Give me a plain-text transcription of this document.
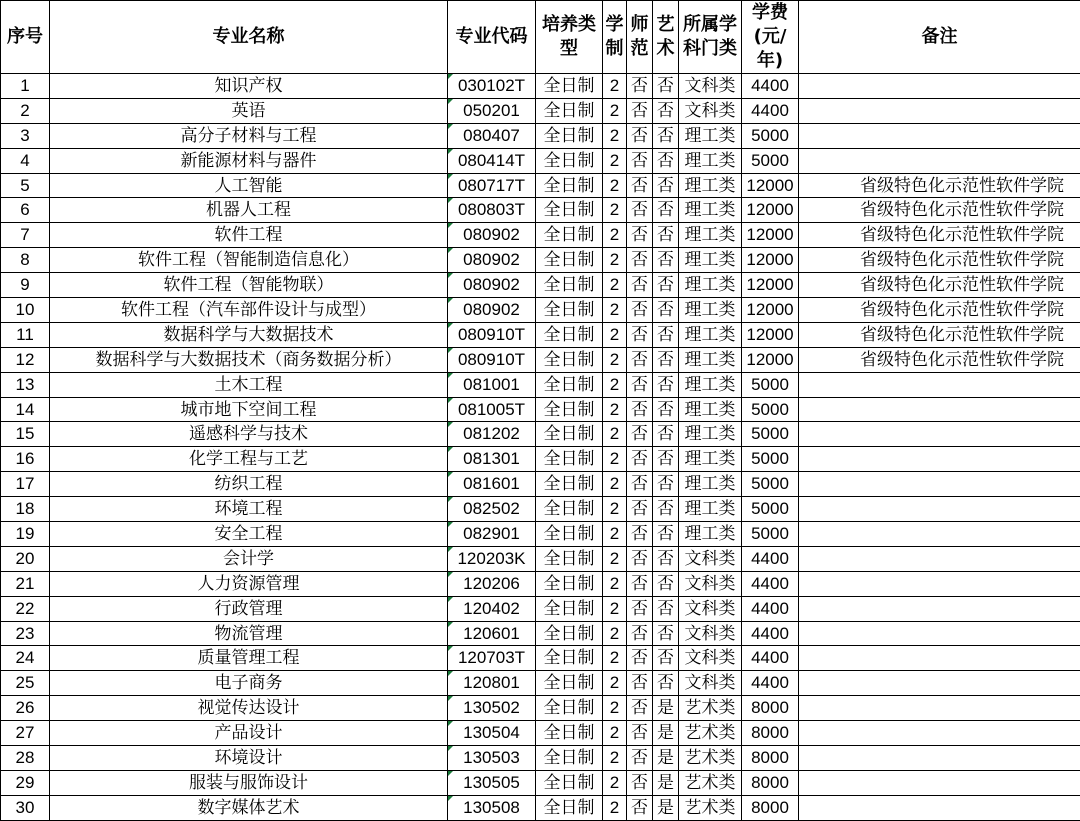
序号	专业名称	专业代码	培养类型	学制	师范	艺术	所属学科门类	学费(元/年)	备注
1	知识产权	030102T	全日制	2	否	否	文科类	4400	
2	英语	050201	全日制	2	否	否	文科类	4400	
3	高分子材料与工程	080407	全日制	2	否	否	理工类	5000	
4	新能源材料与器件	080414T	全日制	2	否	否	理工类	5000	
5	人工智能	080717T	全日制	2	否	否	理工类	12000	省级特色化示范性软件学院
6	机器人工程	080803T	全日制	2	否	否	理工类	12000	省级特色化示范性软件学院
7	软件工程	080902	全日制	2	否	否	理工类	12000	省级特色化示范性软件学院
8	软件工程（智能制造信息化）	080902	全日制	2	否	否	理工类	12000	省级特色化示范性软件学院
9	软件工程（智能物联）	080902	全日制	2	否	否	理工类	12000	省级特色化示范性软件学院
10	软件工程（汽车部件设计与成型）	080902	全日制	2	否	否	理工类	12000	省级特色化示范性软件学院
11	数据科学与大数据技术	080910T	全日制	2	否	否	理工类	12000	省级特色化示范性软件学院
12	数据科学与大数据技术（商务数据分析）	080910T	全日制	2	否	否	理工类	12000	省级特色化示范性软件学院
13	土木工程	081001	全日制	2	否	否	理工类	5000	
14	城市地下空间工程	081005T	全日制	2	否	否	理工类	5000	
15	遥感科学与技术	081202	全日制	2	否	否	理工类	5000	
16	化学工程与工艺	081301	全日制	2	否	否	理工类	5000	
17	纺织工程	081601	全日制	2	否	否	理工类	5000	
18	环境工程	082502	全日制	2	否	否	理工类	5000	
19	安全工程	082901	全日制	2	否	否	理工类	5000	
20	会计学	120203K	全日制	2	否	否	文科类	4400	
21	人力资源管理	120206	全日制	2	否	否	文科类	4400	
22	行政管理	120402	全日制	2	否	否	文科类	4400	
23	物流管理	120601	全日制	2	否	否	文科类	4400	
24	质量管理工程	120703T	全日制	2	否	否	文科类	4400	
25	电子商务	120801	全日制	2	否	否	文科类	4400	
26	视觉传达设计	130502	全日制	2	否	是	艺术类	8000	
27	产品设计	130504	全日制	2	否	是	艺术类	8000	
28	环境设计	130503	全日制	2	否	是	艺术类	8000	
29	服装与服饰设计	130505	全日制	2	否	是	艺术类	8000	
30	数字媒体艺术	130508	全日制	2	否	是	艺术类	8000	
